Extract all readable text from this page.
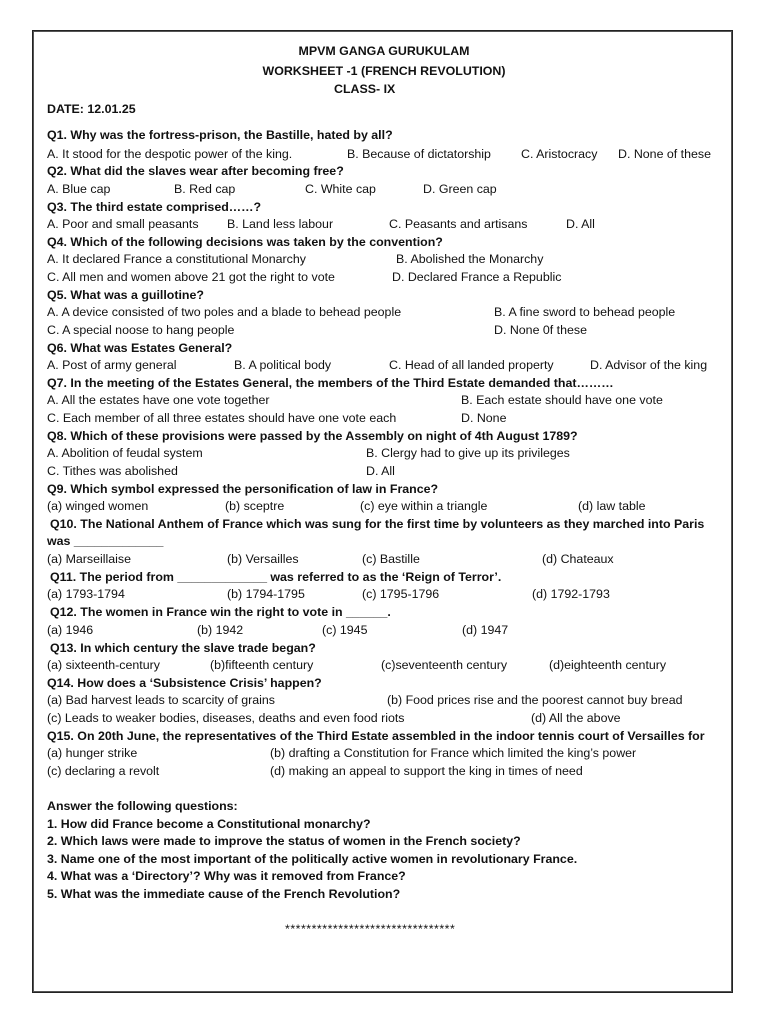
MPVM GANGA GURUKULAM
WORKSHEET -1 (FRENCH REVOLUTION)
CLASS- IX
DATE: 12.01.25
Q1. Why was the fortress-prison, the Bastille, hated by all?
A. It stood for the despotic power of the king.	B. Because of dictatorship C. Aristocracy D. None of these
Q2. What did the slaves wear after becoming free?
A. Blue cap	B. Red cap	C. White cap	D. Green cap
Q3. The third estate comprised……?
A. Poor and small peasants B. Land less labour	C. Peasants and artisans	D. All
Q4. Which of the following decisions was taken by the convention?
A. It declared France a constitutional Monarchy	B. Abolished the Monarchy
C. All men and women above 21 got the right to vote	D. Declared France a Republic
Q5. What was a guillotine?
A. A device consisted of two poles and a blade to behead people	B. A fine sword to behead people
C. A special noose to hang people	D. None 0f these
Q6. What was Estates General?
A. Post of army general	B. A political body	C. Head of all landed property	D. Advisor of the king
Q7. In the meeting of the Estates General, the members of the Third Estate demanded that………
A. All the estates have one vote together	B. Each estate should have one vote
C. Each member of all three estates should have one vote each	D. None
Q8. Which of these provisions were passed by the Assembly on night of 4th August 1789?
A. Abolition of feudal system	B. Clergy had to give up its privileges
C. Tithes was abolished	D. All
Q9. Which symbol expressed the personification of law in France?
(a) winged women	(b) sceptre	(c) eye within a triangle	(d) law table
Q10. The National Anthem of France which was sung for the first time by volunteers as they marched into Paris
was _____________
(a) Marseillaise	(b) Versailles	(c) Bastille	(d) Chateaux
Q11. The period from _____________ was referred to as the ‘Reign of Terror’.
(a) 1793-1794	(b) 1794-1795	(c) 1795-1796	(d) 1792-1793
Q12. The women in France win the right to vote in ______.
(a) 1946	(b) 1942	(c) 1945	(d) 1947
Q13. In which century the slave trade began?
(a) sixteenth-century	(b)fifteenth century	(c)seventeenth century	(d)eighteenth century
Q14. How does a ‘Subsistence Crisis’ happen?
(a) Bad harvest leads to scarcity of grains	(b) Food prices rise and the poorest cannot buy bread
(c) Leads to weaker bodies, diseases, deaths and even food riots	(d) All the above
Q15. On 20th June, the representatives of the Third Estate assembled in the indoor tennis court of Versailles for
(a) hunger strike	(b) drafting a Constitution for France which limited the king’s power
(c) declaring a revolt	(d) making an appeal to support the king in times of need
Answer the following questions:
1. How did France become a Constitutional monarchy?
2. Which laws were made to improve the status of women in the French society?
3. Name one of the most important of the politically active women in revolutionary France.
4. What was a ‘Directory’? Why was it removed from France?
5. What was the immediate cause of the French Revolution?
********************************
